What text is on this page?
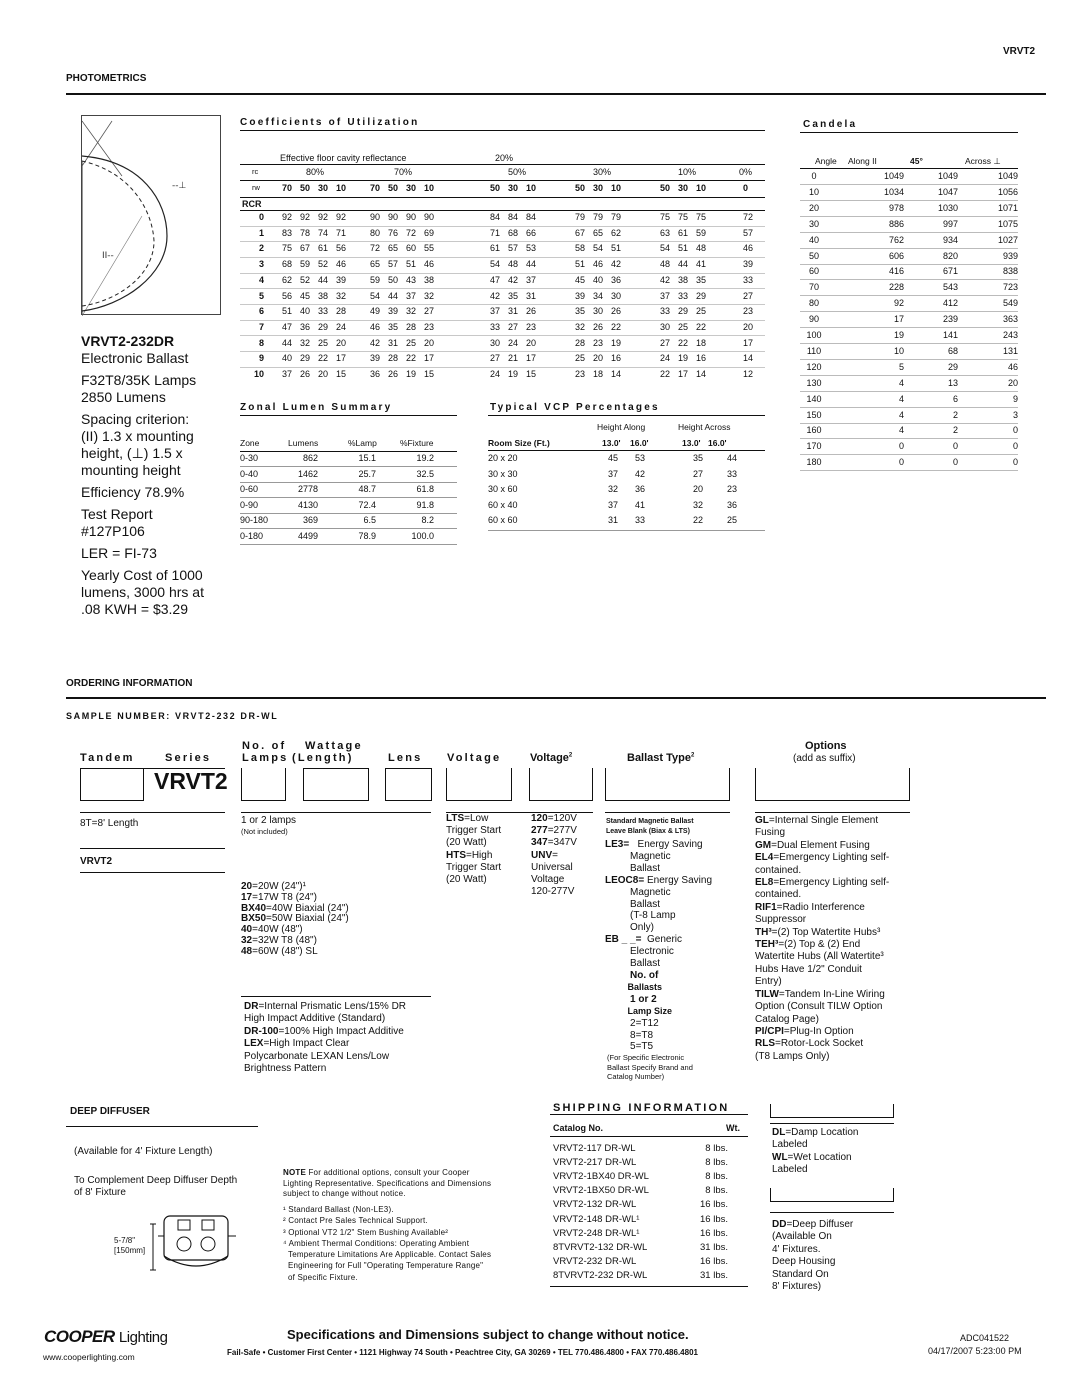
VRVT2
PHOTOMETRICS
--⊥
II--
VRVT2-232DR
Electronic Ballast
F32T8/35K Lamps
2850 Lumens
Spacing criterion:
(II) 1.3 x mounting
height, (⊥) 1.5 x
mounting height
Efficiency 78.9%
Test Report
#127P106
LER = FI-73
Yearly Cost of 1000
lumens, 3000 hrs at
.08 KWH = $3.29
Coefficients of Utilization
Effective floor cavity reflectance	20%
rc	80%	70%	50%	30%	10%	0%
rw 70 50 30 10	70 50 30 10	50 30 10	50 30 10	50 30 10	0
RCR
0 92 92 92 92	90 90 90 90	84 84 84	79 79 79	75 75 75	72
1 83 78 74 71	80 76 72 69	71 68 66	67 65 62	63 61 59	57
2 75 67 61 56	72 65 60 55	61 57 53	58 54 51	54 51 48	46
3 68 59 52 46	65 57 51 46	54 48 44	51 46 42	48 44 41	39
4 62 52 44 39	59 50 43 38	47 42 37	45 40 36	42 38 35	33
5 56 45 38 32	54 44 37 32	42 35 31	39 34 30	37 33 29	27
6 51 40 33 28	49 39 32 27	37 31 26	35 30 26	33 29 25	23
7 47 36 29 24	46 35 28 23	33 27 23	32 26 22	30 25 22	20
8 44 32 25 20	42 31 25 20	30 24 20	28 23 19	27 22 18	17
9 40 29 22 17	39 28 22 17	27 21 17	25 20 16	24 19 16	14
10 37 26 20 15	36 26 19 15	24 19 15	23 18 14	22 17 14	12
Candela
Angle Along II	45°	Across ⊥
0	1049	1049	1049
10	1034	1047	1056
20	978	1030	1071
30	886	997	1075
40	762	934	1027
50	606	820	939
60	416	671	838
70	228	543	723
80	92	412	549
90	17	239	363
100	19	141	243
110	10	68	131
120	5	29	46
130	4	13	20
140	4	6	9
150	4	2	3
160	4	2	0
170	0	0	0
180	0	0	0
Zonal Lumen Summary
Zone	Lumens	%Lamp	%Fixture
0-30	862	15.1	19.2
0-40	1462	25.7	32.5
0-60	2778	48.7	61.8
0-90	4130	72.4	91.8
90-180	369	6.5	8.2
0-180	4499	78.9	100.0
Typical VCP Percentages
Height Along	Height Across
Room Size (Ft.)	13.0' 16.0'	13.0' 16.0'
20 x 20	45 53	35	44
30 x 30	37 42	27	33
30 x 60	32 36	20	23
60 x 40	37 41	32	36
60 x 60	31 33	22	25
ORDERING INFORMATION
SAMPLE NUMBER: VRVT2-232 DR-WL
Tandem	Series
No. of
Lamps
Wattage
(Length)	Lens Voltage	Voltage$^2$	Ballast Type$^2$
Options
(add as suffix)
VRVT2
8T=8' Length
VRVT2
1 or 2 lamps
(Not included)
20=20W (24")¹
17=17W T8 (24")
BX40=40W Biaxial (24")
BX50=50W Biaxial (24")
40=40W (48")
32=32W T8 (48")
48=60W (48") SL
DR=Internal Prismatic Lens/15% DR
High Impact Additive (Standard)
DR-100=100% High Impact Additive
LEX=High Impact Clear
Polycarbonate LEXAN Lens/Low
Brightness Pattern
LTS=Low
Trigger Start
(20 Watt)
HTS=High
Trigger Start
(20 Watt)
120=120V
277=277V
347=347V
UNV=
Universal
Voltage
120-277V
Standard Magnetic Ballast
Leave Blank (Biax & LTS)
LE3=   Energy Saving
Magnetic
Ballast
LEOC8= Energy Saving
Magnetic
Ballast
(T-8 Lamp
Only)
EB _ _=  Generic
Electronic
Ballast
No. of
Ballasts
1 or 2
Lamp Size
2=T12
8=T8
5=T5
(For Specific Electronic
Ballast Specify Brand and
Catalog Number)
GL=Internal Single Element
Fusing
GM=Dual Element Fusing
EL4=Emergency Lighting self-
contained.
EL8=Emergency Lighting self-
contained.
RIF1=Radio Interference
Suppressor
TH³=(2) Top Watertite Hubs³
TEH³=(2) Top & (2) End
Watertite Hubs (All Watertite³
Hubs Have 1/2" Conduit
Entry)
TILW=Tandem In-Line Wiring
Option (Consult TILW Option
Catalog Page)
PI/CPI=Plug-In Option
RLS=Rotor-Lock Socket
(T8 Lamps Only)
DL=Damp Location
Labeled
WL=Wet Location
Labeled
DD=Deep Diffuser
(Available On
4' Fixtures.
Deep Housing
Standard On
8' Fixtures)
DEEP DIFFUSER
(Available for 4' Fixture Length)
To Complement Deep Diffuser Depth
of 8' Fixture
5-7/8"
[150mm]
NOTE For additional options, consult your Cooper
Lighting Representative. Specifications and Dimensions
subject to change without notice.
¹ Standard Ballast (Non-LE3).
² Contact Pre Sales Technical Support.
³ Optional VT2 1/2" Stem Bushing Available²
⁴ Ambient Thermal Conditions: Operating Ambient
Temperature Limitations Are Applicable. Contact Sales
Engineering for Full "Operating Temperature Range"
of Specific Fixture.
SHIPPING INFORMATION
Catalog No.	Wt.
VRVT2-117 DR-WL	8 lbs.
VRVT2-217 DR-WL	8 lbs.
VRVT2-1BX40 DR-WL	8 lbs.
VRVT2-1BX50 DR-WL	8 lbs.
VRVT2-132 DR-WL	16 lbs.
VRVT2-148 DR-WL¹	16 lbs.
VRVT2-248 DR-WL¹	16 lbs.
8TVRVT2-132 DR-WL	31 lbs.
VRVT2-232 DR-WL	16 lbs.
8TVRVT2-232 DR-WL	31 lbs.
COOPER Lighting
www.cooperlighting.com
Specifications and Dimensions subject to change without notice.
Fail-Safe • Customer First Center • 1121 Highway 74 South • Peachtree City, GA 30269 • TEL 770.486.4800 • FAX 770.486.4801
ADC041522
04/17/2007 5:23:00 PM
